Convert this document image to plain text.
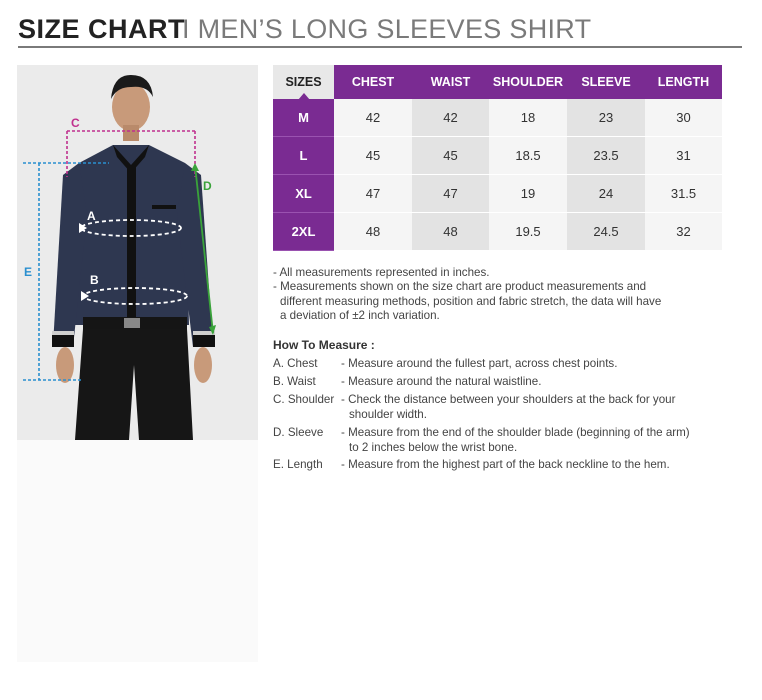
SIZE CHART
I MEN’S LONG SLEEVES SHIRT
C
D
A
B
E
SIZES	CHEST	WAIST	SHOULDER	SLEEVE	LENGTH
M	42	42	18	23	30
L	45	45	18.5	23.5	31
XL	47	47	19	24	31.5
2XL	48	48	19.5	24.5	32
- All measurements represented in inches.
- Measurements shown on the size chart are product measurements and
different measuring methods, position and fabric stretch, the data will have
a deviation of ±2 inch variation.
How To Measure :
A. Chest - Measure around the fullest part, across chest points.
B. Waist - Measure around the natural waistline.
C. Shoulder - Check the distance between your shoulders at the back for your
shoulder width.
D. Sleeve - Measure from the end of the shoulder blade (beginning of the arm)
to 2 inches below the wrist bone.
E. Length - Measure from the highest part of the back neckline to the hem.
